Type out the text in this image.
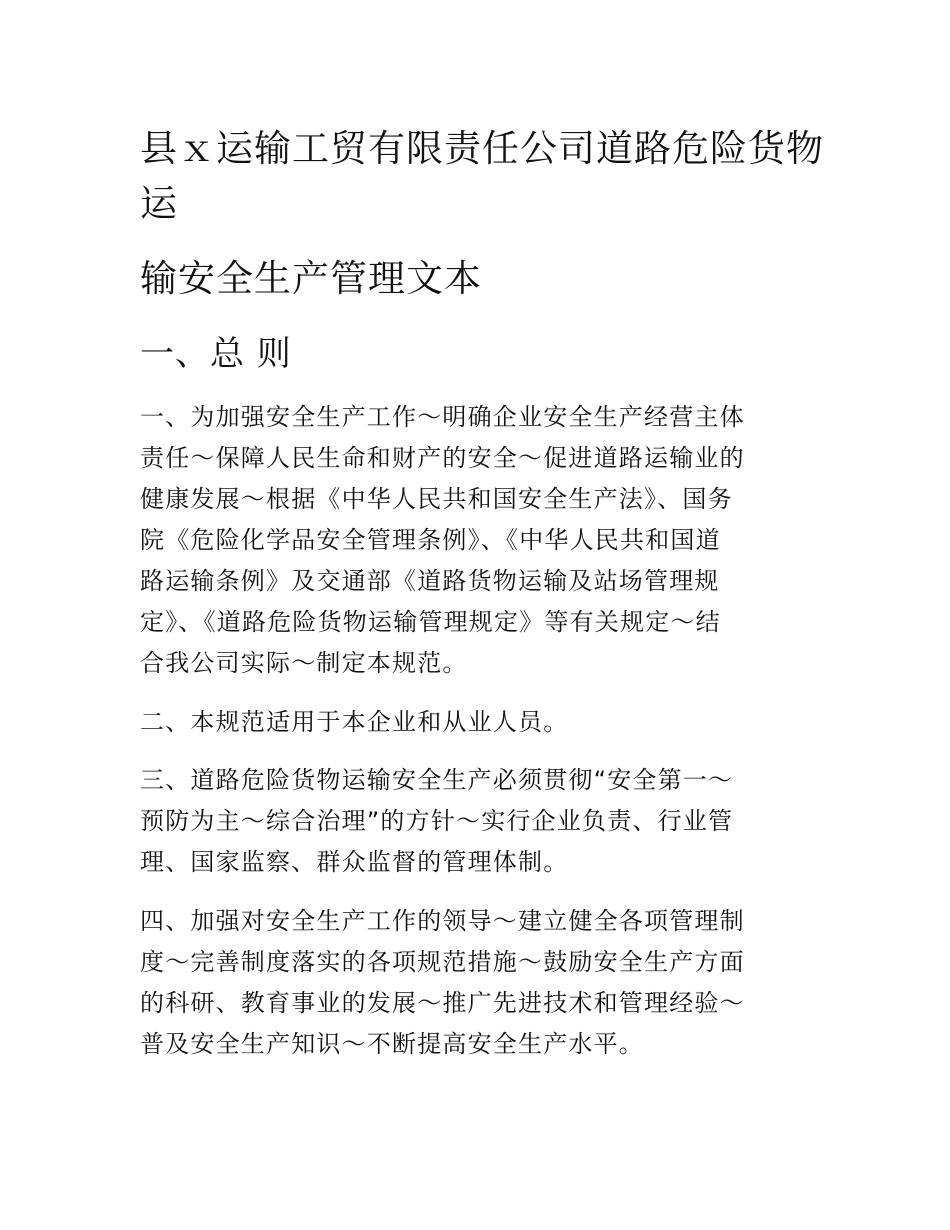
县ｘ运输工贸有限责任公司道路危险货物
运
输安全生产管理文本
一、总 则
一、为加强安全生产工作～明确企业安全生产经营主体
责任～保障人民生命和财产的安全～促进道路运输业的
健康发展～根据《中华人民共和国安全生产法》、国务
院《危险化学品安全管理条例》、《中华人民共和国道
路运输条例》及交通部《道路货物运输及站场管理规
定》、《道路危险货物运输管理规定》等有关规定～结
合我公司实际～制定本规范。
二、本规范适用于本企业和从业人员。
三、道路危险货物运输安全生产必须贯彻“安全第一～
预防为主～综合治理”的方针～实行企业负责、行业管
理、国家监察、群众监督的管理体制。
四、加强对安全生产工作的领导～建立健全各项管理制
度～完善制度落实的各项规范措施～鼓励安全生产方面
的科研、教育事业的发展～推广先进技术和管理经验～
普及安全生产知识～不断提高安全生产水平。
